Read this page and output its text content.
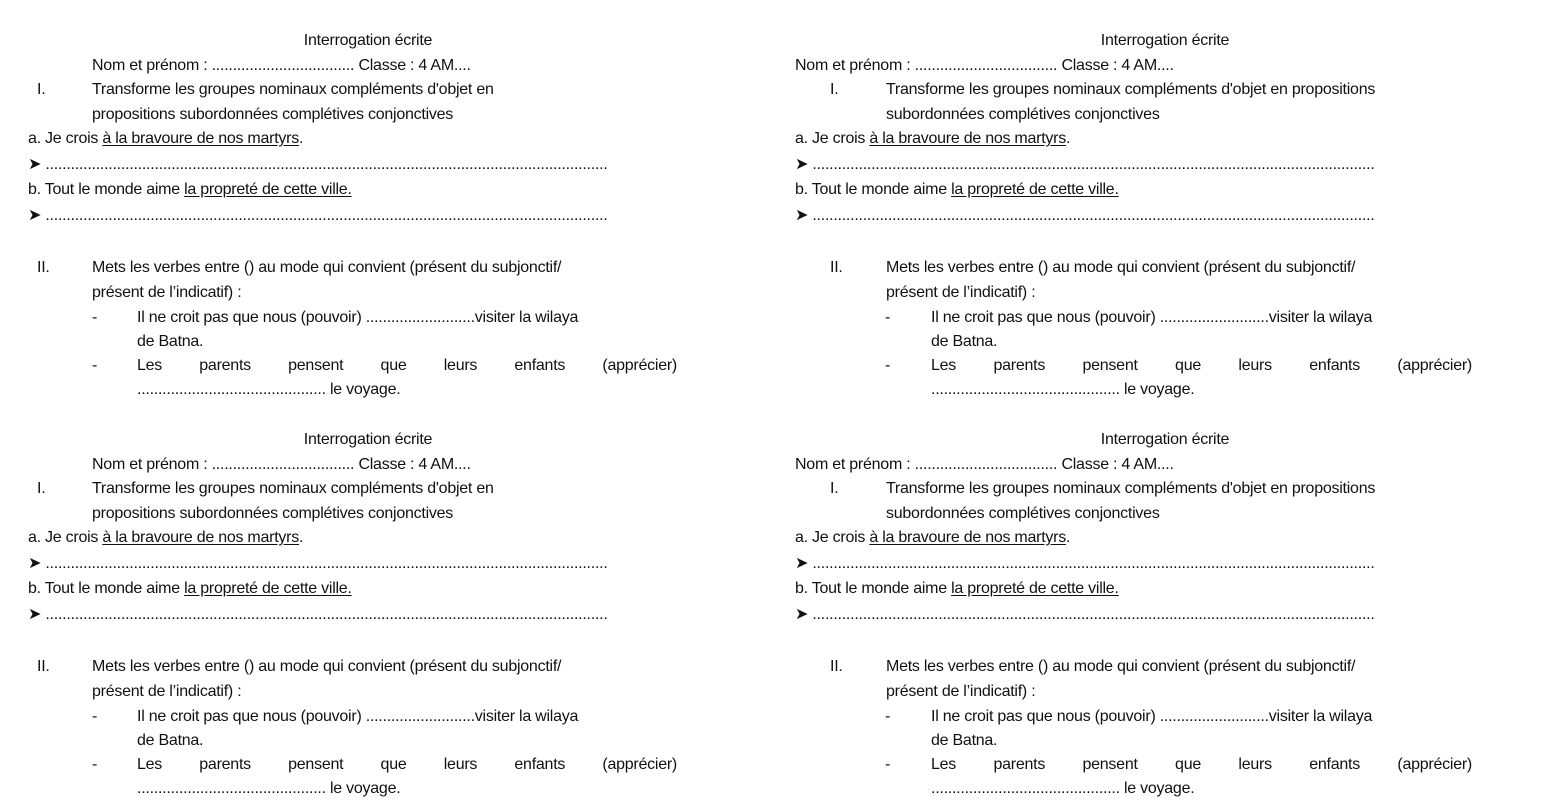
Interrogation écrite
Nom et prénom : .................................. Classe : 4 AM....
I.	Transforme les groupes nominaux compléments d'objet en
propositions subordonnées complétives conjonctives
a. Je crois à la bravoure de nos martyrs.
➤ ......................................................................................................................................
b. Tout le monde aime la propreté de cette ville.
➤ ......................................................................................................................................
II.	Mets les verbes entre () au mode qui convient (présent du subjonctif/
présent de l’indicatif) :
- Il ne croit pas que nous (pouvoir) ..........................visiter la wilaya
de Batna.
- Les parents pensent que leurs enfants (apprécier)
............................................. le voyage.
Interrogation écrite
Nom et prénom : .................................. Classe : 4 AM....
I.	Transforme les groupes nominaux compléments d'objet en propositions
subordonnées complétives conjonctives
a. Je crois à la bravoure de nos martyrs.
➤ ......................................................................................................................................
b. Tout le monde aime la propreté de cette ville.
➤ ......................................................................................................................................
II.	Mets les verbes entre () au mode qui convient (présent du subjonctif/
présent de l’indicatif) :
-	Il ne croit pas que nous (pouvoir) ..........................visiter la wilaya
de Batna.
-	Les parents pensent que leurs enfants (apprécier)
............................................. le voyage.
Interrogation écrite
Nom et prénom : .................................. Classe : 4 AM....
I.	Transforme les groupes nominaux compléments d'objet en
propositions subordonnées complétives conjonctives
a. Je crois à la bravoure de nos martyrs.
➤ ......................................................................................................................................
b. Tout le monde aime la propreté de cette ville.
➤ ......................................................................................................................................
II.	Mets les verbes entre () au mode qui convient (présent du subjonctif/
présent de l’indicatif) :
- Il ne croit pas que nous (pouvoir) ..........................visiter la wilaya
de Batna.
- Les parents pensent que leurs enfants (apprécier)
............................................. le voyage.
Interrogation écrite
Nom et prénom : .................................. Classe : 4 AM....
I.	Transforme les groupes nominaux compléments d'objet en propositions
subordonnées complétives conjonctives
a. Je crois à la bravoure de nos martyrs.
➤ ......................................................................................................................................
b. Tout le monde aime la propreté de cette ville.
➤ ......................................................................................................................................
II.	Mets les verbes entre () au mode qui convient (présent du subjonctif/
présent de l’indicatif) :
-	Il ne croit pas que nous (pouvoir) ..........................visiter la wilaya
de Batna.
-	Les parents pensent que leurs enfants (apprécier)
............................................. le voyage.
